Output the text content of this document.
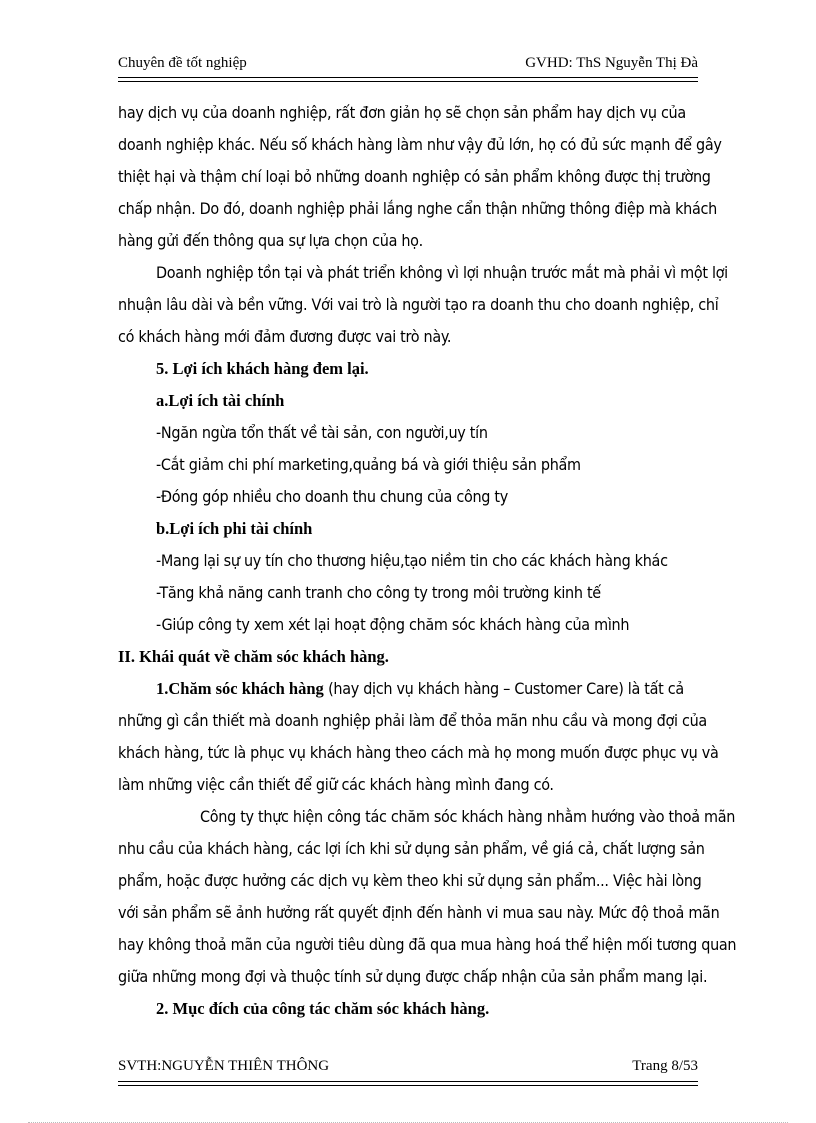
Chuyên đề tốt nghiệp	GVHD: ThS Nguyễn Thị Đà
hay dịch vụ của doanh nghiệp, rất đơn giản họ sẽ chọn sản phẩm hay dịch vụ của
doanh nghiệp khác. Nếu số khách hàng làm như vậy đủ lớn, họ có đủ sức mạnh để gây
thiệt hại và thậm chí loại bỏ những doanh nghiệp có sản phẩm không được thị trường
chấp nhận. Do đó, doanh nghiệp phải lắng nghe cẩn thận những thông điệp mà khách
hàng gửi đến thông qua sự lựa chọn của họ.
Doanh nghiệp tồn tại và phát triển không vì lợi nhuận trước mắt mà phải vì một lợi
nhuận lâu dài và bền vững. Với vai trò là người tạo ra doanh thu cho doanh nghiệp, chỉ
có khách hàng mới đảm đương được vai trò này.
5. Lợi ích khách hàng đem lại.
a.Lợi ích tài chính
-Ngăn ngừa tổn thất về tài sản, con người,uy tín
-Cắt giảm chi phí marketing,quảng bá và giới thiệu sản phẩm
-Đóng góp nhiều cho doanh thu chung của công ty
b.Lợi ích phi tài chính
-Mang lại sự uy tín cho thương hiệu,tạo niềm tin cho các khách hàng khác
-Tăng khả năng canh tranh cho công ty trong môi trường kinh tế
-Giúp công ty xem xét lại hoạt động chăm sóc khách hàng của mình
II. Khái quát về chăm sóc khách hàng.
1.Chăm sóc khách hàng (hay dịch vụ khách hàng – Customer Care) là tất cả
những gì cần thiết mà doanh nghiệp phải làm để thỏa mãn nhu cầu và mong đợi của
khách hàng, tức là phục vụ khách hàng theo cách mà họ mong muốn được phục vụ và
làm những việc cần thiết để giữ các khách hàng mình đang có.
Công ty thực hiện công tác chăm sóc khách hàng nhằm hướng vào thoả mãn
nhu cầu của khách hàng, các lợi ích khi sử dụng sản phẩm, về giá cả, chất lượng sản
phẩm, hoặc được hưởng các dịch vụ kèm theo khi sử dụng sản phẩm... Việc hài lòng
với sản phẩm sẽ ảnh hưởng rất quyết định đến hành vi mua sau này. Mức độ thoả mãn
hay không thoả mãn của người tiêu dùng đã qua mua hàng hoá thể hiện mối tương quan
giữa những mong đợi và thuộc tính sử dụng được chấp nhận của sản phẩm mang lại.
2. Mục đích của công tác chăm sóc khách hàng.
SVTH:NGUYỄN THIÊN THÔNG	Trang 8/53
